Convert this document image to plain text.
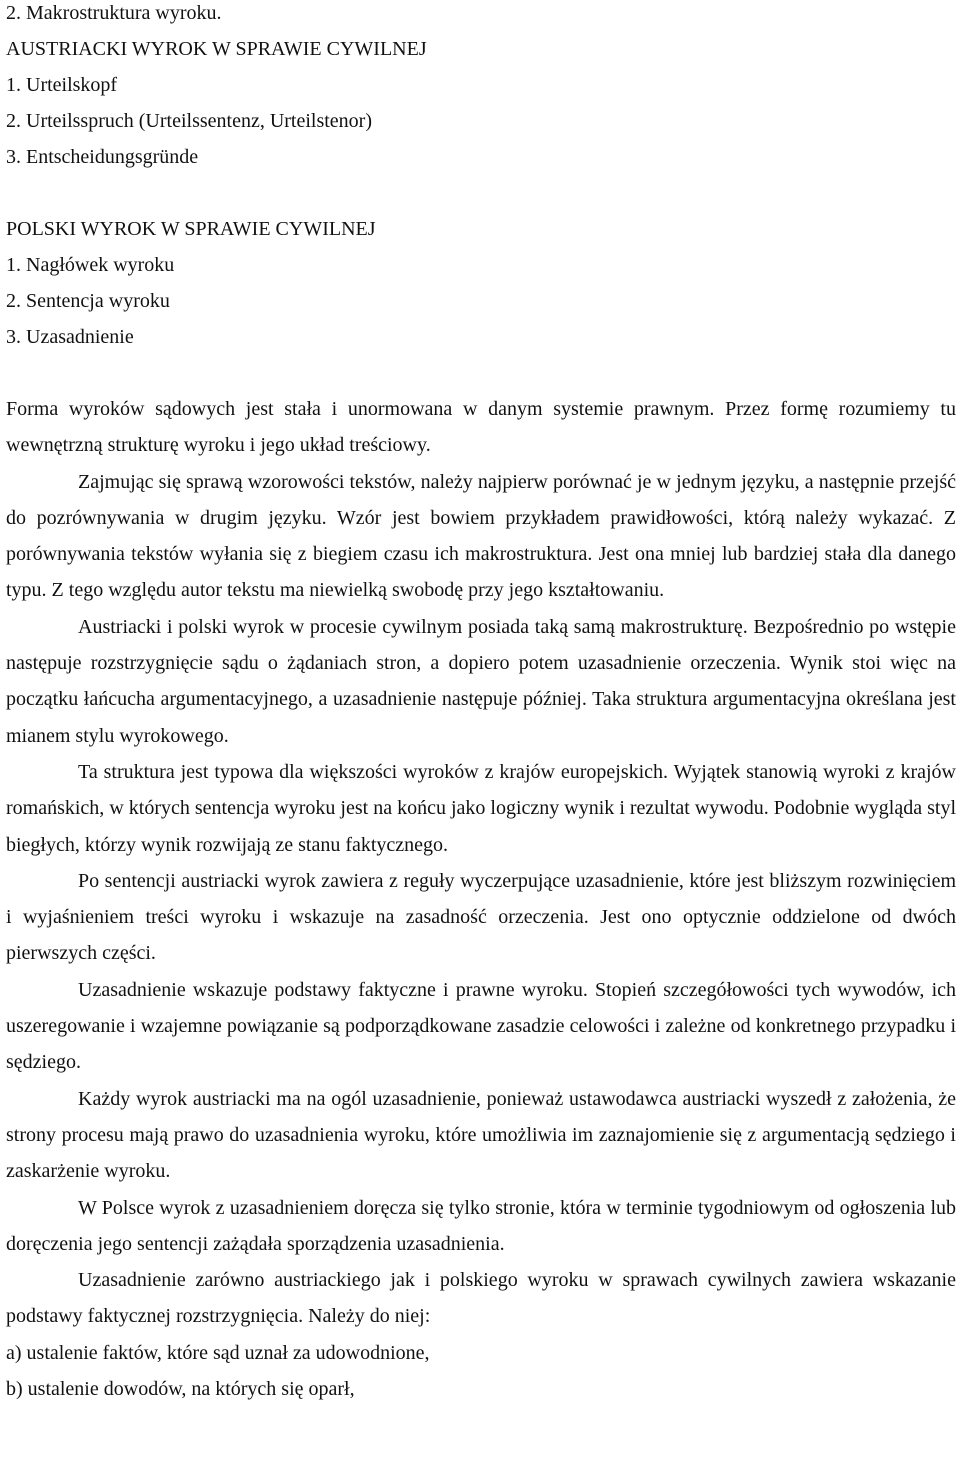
2. Makrostruktura wyroku.

AUSTRIACKI WYROK W SPRAWIE CYWILNEJ

1. Urteilskopf

2. Urteilsspruch (Urteilssentenz, Urteilstenor)

3. Entscheidungsgründe

POLSKI WYROK W SPRAWIE CYWILNEJ

1. Nagłówek wyroku

2. Sentencja wyroku

3. Uzasadnienie

Forma wyroków sądowych jest stała i unormowana w danym systemie prawnym. Przez formę rozumiemy tu wewnętrzną strukturę wyroku i jego układ treściowy.

Zajmując się sprawą wzorowości tekstów, należy najpierw porównać je w jednym języku, a następnie przejść do pozrównywania w drugim języku. Wzór jest bowiem przykładem prawidłowości, którą należy wykazać. Z porównywania tekstów wyłania się z biegiem czasu ich makrostruktura. Jest ona mniej lub bardziej stała dla danego typu. Z tego względu autor tekstu ma niewielką swobodę przy jego kształtowaniu.

Austriacki i polski wyrok w procesie cywilnym posiada taką samą makrostrukturę. Bezpośrednio po wstępie następuje rozstrzygnięcie sądu o żądaniach stron, a dopiero potem uzasadnienie orzeczenia. Wynik stoi więc na początku łańcucha argumentacyjnego, a uzasadnienie następuje później. Taka struktura argumentacyjna określana jest mianem stylu wyrokowego.

Ta struktura jest typowa dla większości wyroków z krajów europejskich. Wyjątek stanowią wyroki z krajów romańskich, w których sentencja wyroku jest na końcu jako logiczny wynik i rezultat wywodu. Podobnie wygląda styl biegłych, którzy wynik rozwijają ze stanu faktycznego.

Po sentencji austriacki wyrok zawiera z reguły wyczerpujące uzasadnienie, które jest bliższym rozwinięciem i wyjaśnieniem treści wyroku i wskazuje na zasadność orzeczenia. Jest ono optycznie oddzielone od dwóch pierwszych części.

Uzasadnienie wskazuje podstawy faktyczne i prawne wyroku. Stopień szczegółowości tych wywodów, ich uszeregowanie i wzajemne powiązanie są podporządkowane zasadzie celowości i zależne od konkretnego przypadku i sędziego.

Każdy wyrok austriacki ma na ogól uzasadnienie, ponieważ ustawodawca austriacki wyszedł z założenia, że strony procesu mają prawo do uzasadnienia wyroku, które umożliwia im zaznajomienie się z argumentacją sędziego i zaskarżenie wyroku.

W Polsce wyrok z uzasadnieniem doręcza się tylko stronie, która w terminie tygodniowym od ogłoszenia lub doręczenia jego sentencji zażądała sporządzenia uzasadnienia.

Uzasadnienie zarówno austriackiego jak i polskiego wyroku w sprawach cywilnych zawiera wskazanie podstawy faktycznej rozstrzygnięcia. Należy do niej:

a) ustalenie faktów, które sąd uznał za udowodnione,

b) ustalenie dowodów, na których się oparł,
